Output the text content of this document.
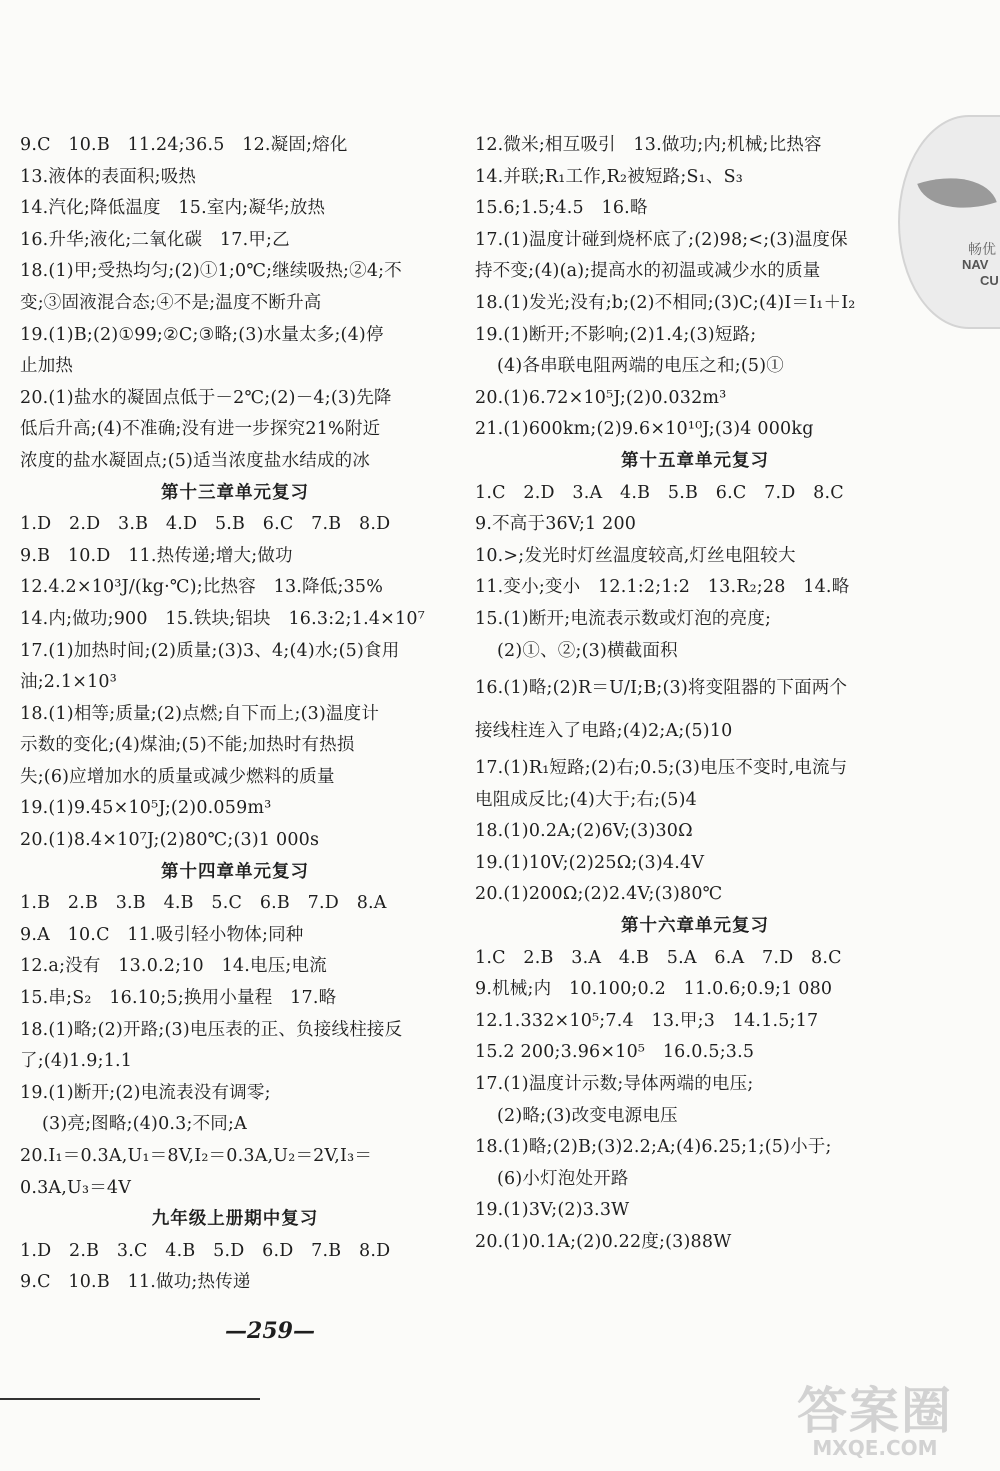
9.C　10.B　11.24;36.5　12.凝固;熔化
13.液体的表面积;吸热
14.汽化;降低温度　15.室内;凝华;放热
16.升华;液化;二氧化碳　17.甲;乙
18.(1)甲;受热均匀;(2)①1;0℃;继续吸热;②4;不
变;③固液混合态;④不是;温度不断升高
19.(1)B;(2)①99;②C;③略;(3)水量太多;(4)停
止加热
20.(1)盐水的凝固点低于－2℃;(2)－4;(3)先降
低后升高;(4)不准确;没有进一步探究21%附近
浓度的盐水凝固点;(5)适当浓度盐水结成的冰
第十三章单元复习
1.D　2.D　3.B　4.D　5.B　6.C　7.B　8.D
9.B　10.D　11.热传递;增大;做功
12.4.2×10³J/(kg·℃);比热容　13.降低;35%
14.内;做功;900　15.铁块;铝块　16.3:2;1.4×10⁷
17.(1)加热时间;(2)质量;(3)3、4;(4)水;(5)食用
油;2.1×10³
18.(1)相等;质量;(2)点燃;自下而上;(3)温度计
示数的变化;(4)煤油;(5)不能;加热时有热损
失;(6)应增加水的质量或减少燃料的质量
19.(1)9.45×10⁵J;(2)0.059m³
20.(1)8.4×10⁷J;(2)80℃;(3)1 000s
第十四章单元复习
1.B　2.B　3.B　4.B　5.C　6.B　7.D　8.A
9.A　10.C　11.吸引轻小物体;同种
12.a;没有　13.0.2;10　14.电压;电流
15.串;S₂　16.10;5;换用小量程　17.略
18.(1)略;(2)开路;(3)电压表的正、负接线柱接反
了;(4)1.9;1.1
19.(1)断开;(2)电流表没有调零;
(3)亮;图略;(4)0.3;不同;A
20.I₁＝0.3A,U₁＝8V,I₂＝0.3A,U₂＝2V,I₃＝
0.3A,U₃＝4V
九年级上册期中复习
1.D　2.B　3.C　4.B　5.D　6.D　7.B　8.D
9.C　10.B　11.做功;热传递
12.微米;相互吸引　13.做功;内;机械;比热容
14.并联;R₁工作,R₂被短路;S₁、S₃
15.6;1.5;4.5　16.略
17.(1)温度计碰到烧杯底了;(2)98;<;(3)温度保
持不变;(4)(a);提高水的初温或减少水的质量
18.(1)发光;没有;b;(2)不相同;(3)C;(4)I＝I₁＋I₂
19.(1)断开;不影响;(2)1.4;(3)短路;
(4)各串联电阻两端的电压之和;(5)①
20.(1)6.72×10⁵J;(2)0.032m³
21.(1)600km;(2)9.6×10¹⁰J;(3)4 000kg
第十五章单元复习
1.C　2.D　3.A　4.B　5.B　6.C　7.D　8.C
9.不高于36V;1 200
10.>;发光时灯丝温度较高,灯丝电阻较大
11.变小;变小　12.1:2;1:2　13.R₂;28　14.略
15.(1)断开;电流表示数或灯泡的亮度;
(2)①、②;(3)横截面积
16.(1)略;(2)R＝U/I;B;(3)将变阻器的下面两个
接线柱连入了电路;(4)2;A;(5)10
17.(1)R₁短路;(2)右;0.5;(3)电压不变时,电流与
电阻成反比;(4)大于;右;(5)4
18.(1)0.2A;(2)6V;(3)30Ω
19.(1)10V;(2)25Ω;(3)4.4V
20.(1)200Ω;(2)2.4V;(3)80℃
第十六章单元复习
1.C　2.B　3.A　4.B　5.A　6.A　7.D　8.C
9.机械;内　10.100;0.2　11.0.6;0.9;1 080
12.1.332×10⁵;7.4　13.甲;3　14.1.5;17
15.2 200;3.96×10⁵　16.0.5;3.5
17.(1)温度计示数;导体两端的电压;
(2)略;(3)改变电源电压
18.(1)略;(2)B;(3)2.2;A;(4)6.25;1;(5)小于;
(6)小灯泡处开路
19.(1)3V;(2)3.3W
20.(1)0.1A;(2)0.22度;(3)88W
—259—
畅优
NAV
CU
答案圈
MXQE.COM
